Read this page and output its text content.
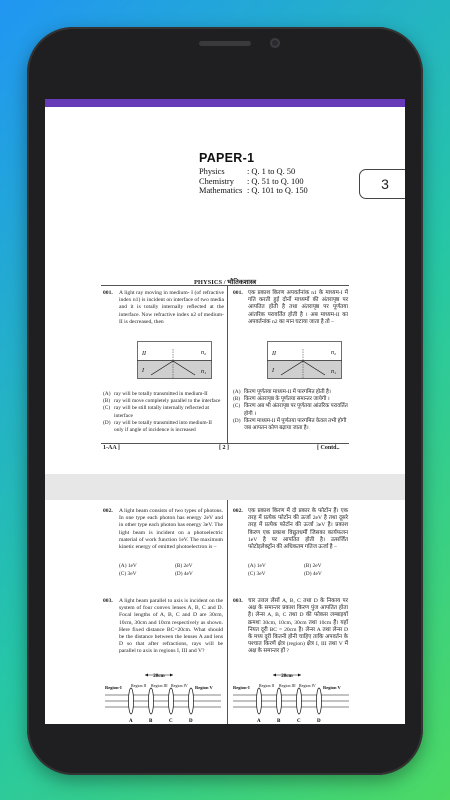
PAPER-1
Physics	: Q. 1 to Q. 50
Chemistry	: Q. 51 to Q. 100
Mathematics : Q. 101 to Q. 150	3
PHYSICS / भौतिकशास्त्र
001. A light ray moving in medium- I (of refractive index n1) is incident on interface of two media and it is totally internally reflected at the interface. Now refractive index n2 of medium-II is decreased, then
II
I
n₂
n₁
(A) ray will be totally transmitted in medium-II
(B) ray will move completely parallel to the interface
(C) ray will be still totally internally reflected at interface
(D) ray will be totally transmitted into medium-II only if angle of incidence is increased
001. एक प्रकाश किरण अपवर्तनांक n1 के माध्यम-I में गति करती हुई दोनों माध्यमों की अंतरापृष्ठ पर आपतित होती है तथा अंतरापृष्ठ पर पूर्णतया आंतरिक परावर्तित होती है । अब माध्यम-II का अपवर्तनांक n2 का मान घटाया जाता है तो –
II
I
n₂
n₁
(A) किरण पूर्णतया माध्यम-II में पारगमित होती है।
(B) किरण अंतरापृष्ठ के पूर्णतया समान्तर जायेगी ।
(C) किरण अब भी अंतरापृष्ठ पर पूर्णतया आंतरिक परावर्तित होगी ।
(D) किरण माध्यम-II में पूर्णतया पारगमित केवल तभी होगी जब आपतन कोण बढ़ाया जाता है।
1-AA ]	[ 2 ]	[ Contd..
002. A light beam consists of two types of photons. In one type each photon has energy 2eV and in other type each photon has energy 3eV. The light beam is incident on a photoelectric material of work function 1eV. The maximum kinetic energy of emitted photoelectron is –
(A) 1eV	(B) 2eV
(C) 3eV	(D) 4eV
002. एक प्रकाश किरण में दो प्रकार के फोटॉन हैं। एक तरह में प्रत्येक फोटॉन की ऊर्जा 2eV है तथा दूसरे तरह में प्रत्येक फोटॉन की ऊर्जा 3eV है। प्रकाश किरण एक प्रकाश विद्युतधर्मी जिसका कार्यफलन 1eV है पर आपतित होती है। उत्सर्जित फोटोइलेक्ट्रॉन की अधिकतम गतिज ऊर्जा है –
(A) 1eV	(B) 2eV
(C) 3eV	(D) 4eV
003. A light beam parallel to axis is incident on the system of four convex lenses A, B, C and D. Focal lengths of A, B, C and D are 30cm, 10cm, 30cm and 10cm respectively as shown. Here fixed distance BC=20cm. What should be the distance between the lenses A and lens D so that after refractions, rays will be parallel to axis in regions I, III and V?
003. चार उत्तल लेंसों A, B, C तथा D के निकाय पर अक्ष के समान्तर प्रकाश किरण पुंज आपतित होता है। लेन्स A, B, C तथा D की फोकस लम्बाइयाँ क्रमशः 30cm, 10cm, 30cm तथा 10cm हैं। यहाँ नियत दूरी BC = 20cm है। लेन्स A तथा लेन्स D के मध्य दूरी कितनी होनी चाहिए ताकि अपवर्तन के पश्चात किरणें क्षेत्र (region) क्षेत्र I, III तथा V में अक्ष के समान्तर हों ?
20cm
Region-I Region II Region III Region IV Region V
A	B	C	D
20cm
Region-I Region II Region III Region IV Region V
A	B	C	D
